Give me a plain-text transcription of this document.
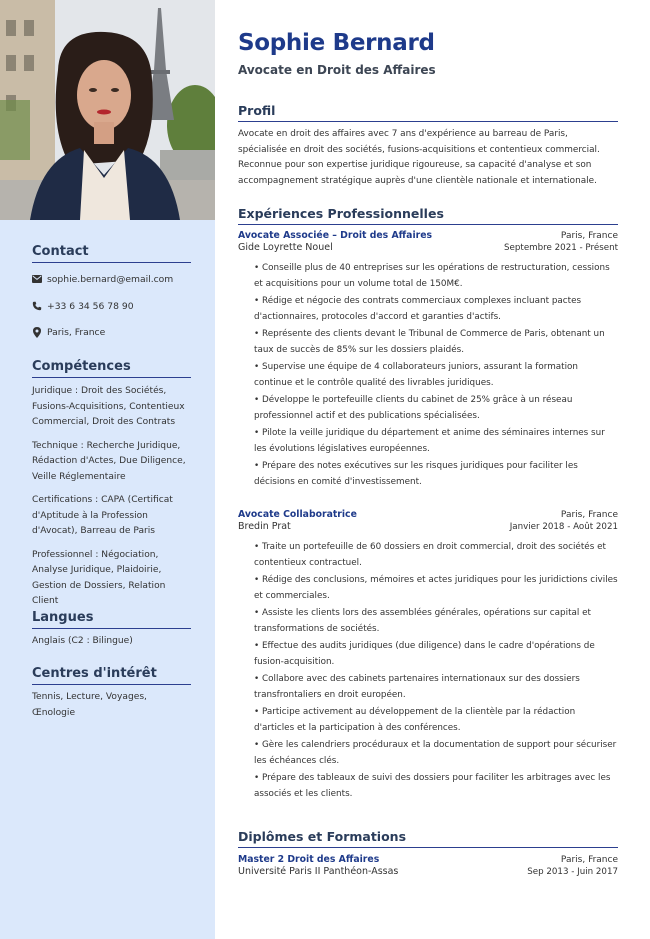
Contact
sophie.bernard@email.com
+33 6 34 56 78 90
Paris, France
Compétences

Juridique : Droit des Sociétés, Fusions-Acquisitions, Contentieux Commercial, Droit des Contrats

Technique : Recherche Juridique, Rédaction d'Actes, Due Diligence, Veille Réglementaire

Certifications : CAPA (Certificat d'Aptitude à la Profession d'Avocat), Barreau de Paris

Professionnel : Négociation, Analyse Juridique, Plaidoirie, Gestion de Dossiers, Relation Client

Langues

Anglais (C2 : Bilingue)

Centres d'intérêt

Tennis, Lecture, Voyages, Œnologie

Sophie Bernard
Avocate en Droit des Affaires
Profil

Avocate en droit des affaires avec 7 ans d'expérience au barreau de Paris, spécialisée en droit des sociétés, fusions-acquisitions et contentieux commercial. Reconnue pour son expertise juridique rigoureuse, sa capacité d'analyse et son accompagnement stratégique auprès d'une clientèle nationale et internationale.

Expériences Professionnelles
Avocate Associée – Droit des Affaires	Paris, France
Gide Loyrette Nouel	Septembre 2021 - Présent

• Conseille plus de 40 entreprises sur les opérations de restructuration, cessions et acquisitions pour un volume total de 150M€.

• Rédige et négocie des contrats commerciaux complexes incluant pactes d'actionnaires, protocoles d'accord et garanties d'actifs.

• Représente des clients devant le Tribunal de Commerce de Paris, obtenant un taux de succès de 85% sur les dossiers plaidés.

• Supervise une équipe de 4 collaborateurs juniors, assurant la formation continue et le contrôle qualité des livrables juridiques.

• Développe le portefeuille clients du cabinet de 25% grâce à un réseau professionnel actif et des publications spécialisées.

• Pilote la veille juridique du département et anime des séminaires internes sur les évolutions législatives européennes.

• Prépare des notes exécutives sur les risques juridiques pour faciliter les décisions en comité d'investissement.

Avocate Collaboratrice	Paris, France
Bredin Prat	Janvier 2018 - Août 2021

• Traite un portefeuille de 60 dossiers en droit commercial, droit des sociétés et contentieux contractuel.

• Rédige des conclusions, mémoires et actes juridiques pour les juridictions civiles et commerciales.

• Assiste les clients lors des assemblées générales, opérations sur capital et transformations de sociétés.

• Effectue des audits juridiques (due diligence) dans le cadre d'opérations de fusion-acquisition.

• Collabore avec des cabinets partenaires internationaux sur des dossiers transfrontaliers en droit européen.

• Participe activement au développement de la clientèle par la rédaction d'articles et la participation à des conférences.

• Gère les calendriers procéduraux et la documentation de support pour sécuriser les échéances clés.

• Prépare des tableaux de suivi des dossiers pour faciliter les arbitrages avec les associés et les clients.

Diplômes et Formations
Master 2 Droit des Affaires	Paris, France
Université Paris II Panthéon-Assas	Sep 2013 - Juin 2017
